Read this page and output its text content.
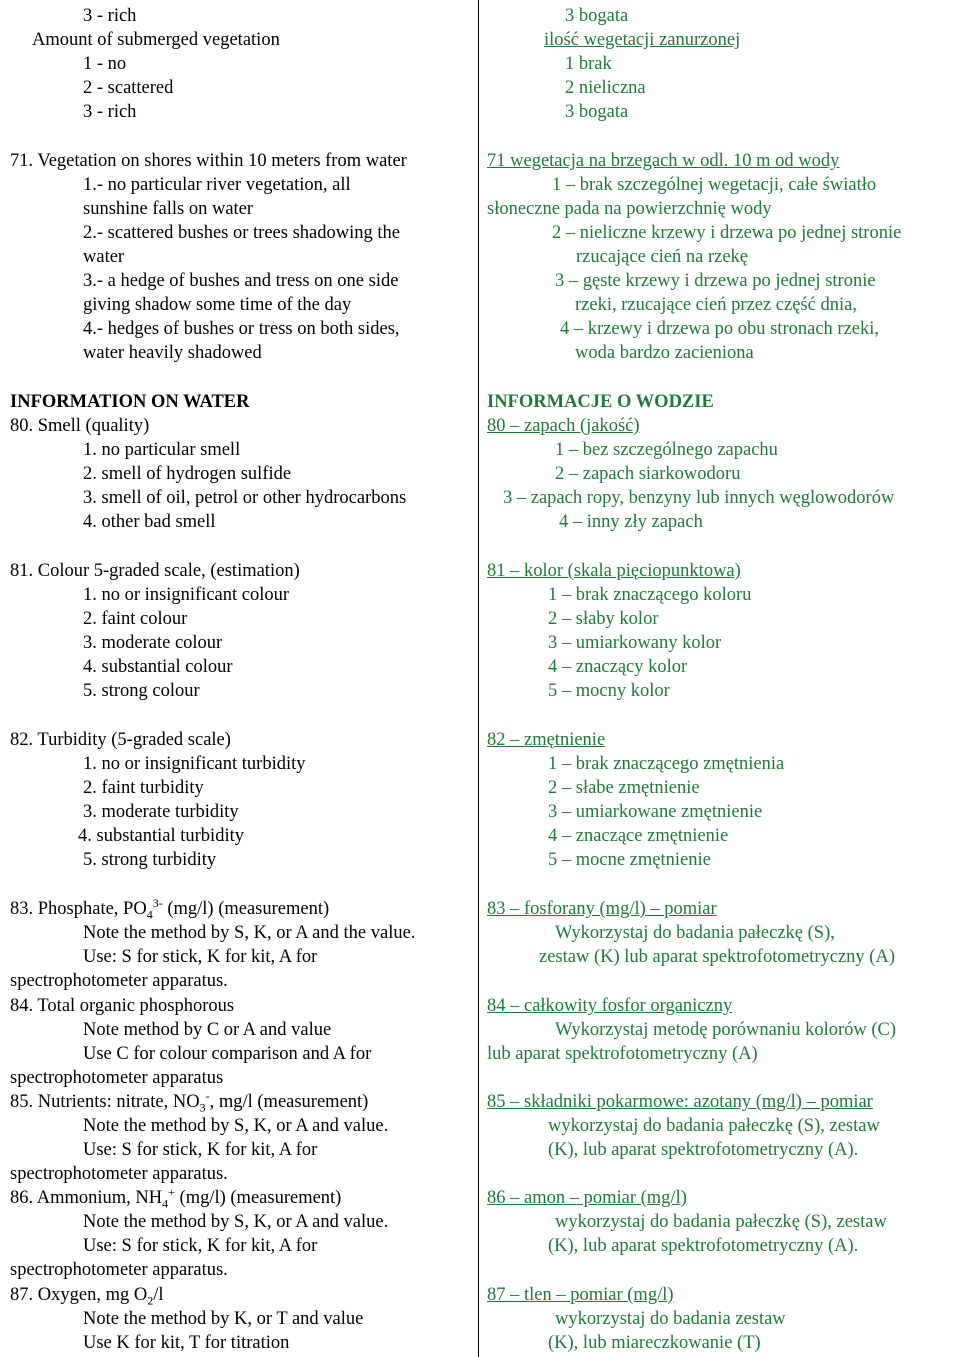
3 - rich
Amount of submerged vegetation
1 - no
2 - scattered
3 - rich
71. Vegetation on shores within 10 meters from water
1.- no particular river vegetation, all
sunshine falls on water
2.- scattered bushes or trees shadowing the
water
3.- a hedge of bushes and tress on one side
giving shadow some time of the day
4.- hedges of bushes or tress on both sides,
water heavily shadowed
INFORMATION ON WATER
80. Smell (quality)
1. no particular smell
2. smell of hydrogen sulfide
3. smell of oil, petrol or other hydrocarbons
4. other bad smell
81. Colour 5-graded scale, (estimation)
1. no or insignificant colour
2. faint colour
3. moderate colour
4. substantial colour
5. strong colour
82. Turbidity (5-graded scale)
1. no or insignificant turbidity
2. faint turbidity
3. moderate turbidity
4. substantial turbidity
5. strong turbidity
83. Phosphate, $PO_4^{3-}$ (mg/l) (measurement)
Note the method by S, K, or A and the value.
Use: S for stick, K for kit, A for
spectrophotometer apparatus.
84. Total organic phosphorous
Note method by C or A and value
Use C for colour comparison and A for
spectrophotometer apparatus
85. Nutrients: nitrate, $NO_3^-$, mg/l (measurement)
Note the method by S, K, or A and value.
Use: S for stick, K for kit, A for
spectrophotometer apparatus.
86. Ammonium, $NH_4^+$ (mg/l) (measurement)
Note the method by S, K, or A and value.
Use: S for stick, K for kit, A for
spectrophotometer apparatus.
87. Oxygen, mg $O_2/l$
Note the method by K, or T and value
Use K for kit, T for titration
3 bogata
ilość wegetacji zanurzonej
1 brak
2 nieliczna
3 bogata
71 wegetacja na brzegach w odl. 10 m od wody
1 – brak szczególnej wegetacji, całe światło
słoneczne pada na powierzchnię wody
2 – nieliczne krzewy i drzewa po jednej stronie
rzucające cień na rzekę
3 – gęste krzewy i drzewa po jednej stronie
rzeki, rzucające cień przez część dnia,
4 – krzewy i drzewa po obu stronach rzeki,
woda bardzo zacieniona
INFORMACJE O WODZIE
80 – zapach (jakość)
1 – bez szczególnego zapachu
2 – zapach siarkowodoru
3 – zapach ropy, benzyny lub innych węglowodorów
4 – inny zły zapach
81 – kolor (skala pięciopunktowa)
1 – brak znaczącego koloru
2 – słaby kolor
3 – umiarkowany kolor
4 – znaczący kolor
5 – mocny kolor
82 – zmętnienie
1 – brak znaczącego zmętnienia
2 – słabe zmętnienie
3 – umiarkowane zmętnienie
4 – znaczące zmętnienie
5 – mocne zmętnienie
83 – fosforany (mg/l) – pomiar
Wykorzystaj do badania pałeczkę (S),
zestaw (K) lub aparat spektrofotometryczny (A)
84 – całkowity fosfor organiczny
Wykorzystaj metodę porównaniu kolorów (C)
lub aparat spektrofotometryczny (A)
85 – składniki pokarmowe: azotany (mg/l) – pomiar
wykorzystaj do badania pałeczkę (S), zestaw
(K), lub aparat spektrofotometryczny (A).
86 – amon – pomiar (mg/l)
wykorzystaj do badania pałeczkę (S), zestaw
(K), lub aparat spektrofotometryczny (A).
87 – tlen – pomiar (mg/l)
wykorzystaj do badania zestaw
(K), lub miareczkowanie (T)
